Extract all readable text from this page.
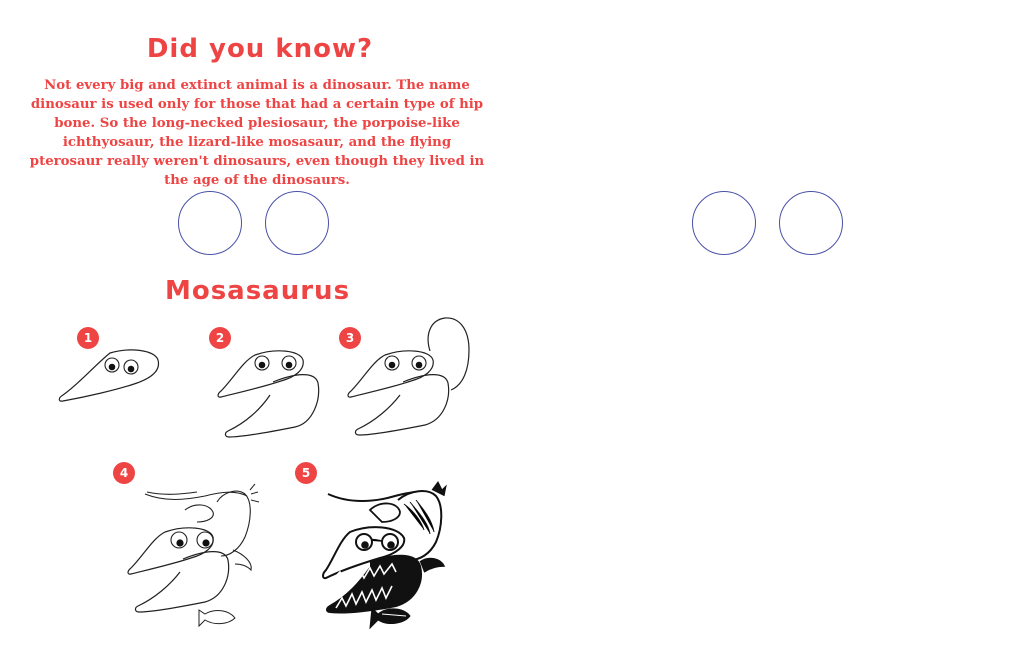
Did you know?
Not every big and extinct animal is a dinosaur. The name dinosaur is used only for those that had a certain type of hip bone. So the long-necked plesiosaur, the porpoise-like ichthyosaur, the lizard-like mosasaur, and the flying pterosaur really weren't dinosaurs, even though they lived in the age of the dinosaurs.
Mosasaurus
1	2	3
4	5
